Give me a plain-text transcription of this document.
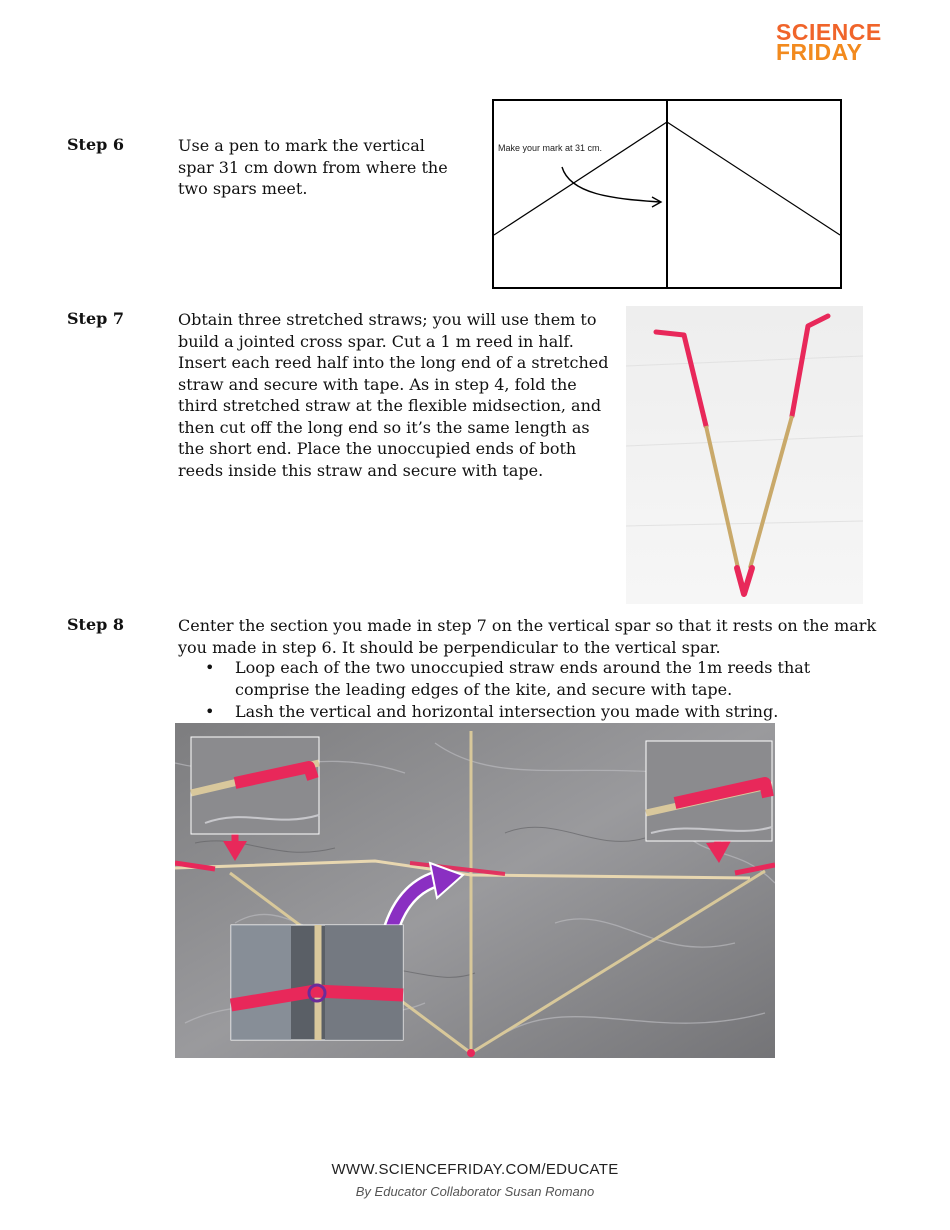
SCIENCE
FRIDAY
Step 6	Use a pen to mark the vertical spar 31 cm down from where the two spars meet.
Make your mark at 31 cm.
Step 7	Obtain three stretched straws; you will use them to build a jointed cross spar. Cut a 1 m reed in half. Insert each reed half into the long end of a stretched straw and secure with tape. As in step 4, fold the third stretched straw at the flexible midsection, and then cut off the long end so it’s the same length as the short end. Place the unoccupied ends of both reeds inside this straw and secure with tape.
Step 8	Center the section you made in step 7 on the vertical spar so that it rests on the mark you made in step 6. It should be perpendicular to the vertical spar.
• Loop each of the two unoccupied straw ends around the 1m reeds that comprise the leading edges of the kite, and secure with tape.
• Lash the vertical and horizontal intersection you made with string.
WWW.SCIENCEFRIDAY.COM/EDUCATE
By Educator Collaborator Susan Romano
